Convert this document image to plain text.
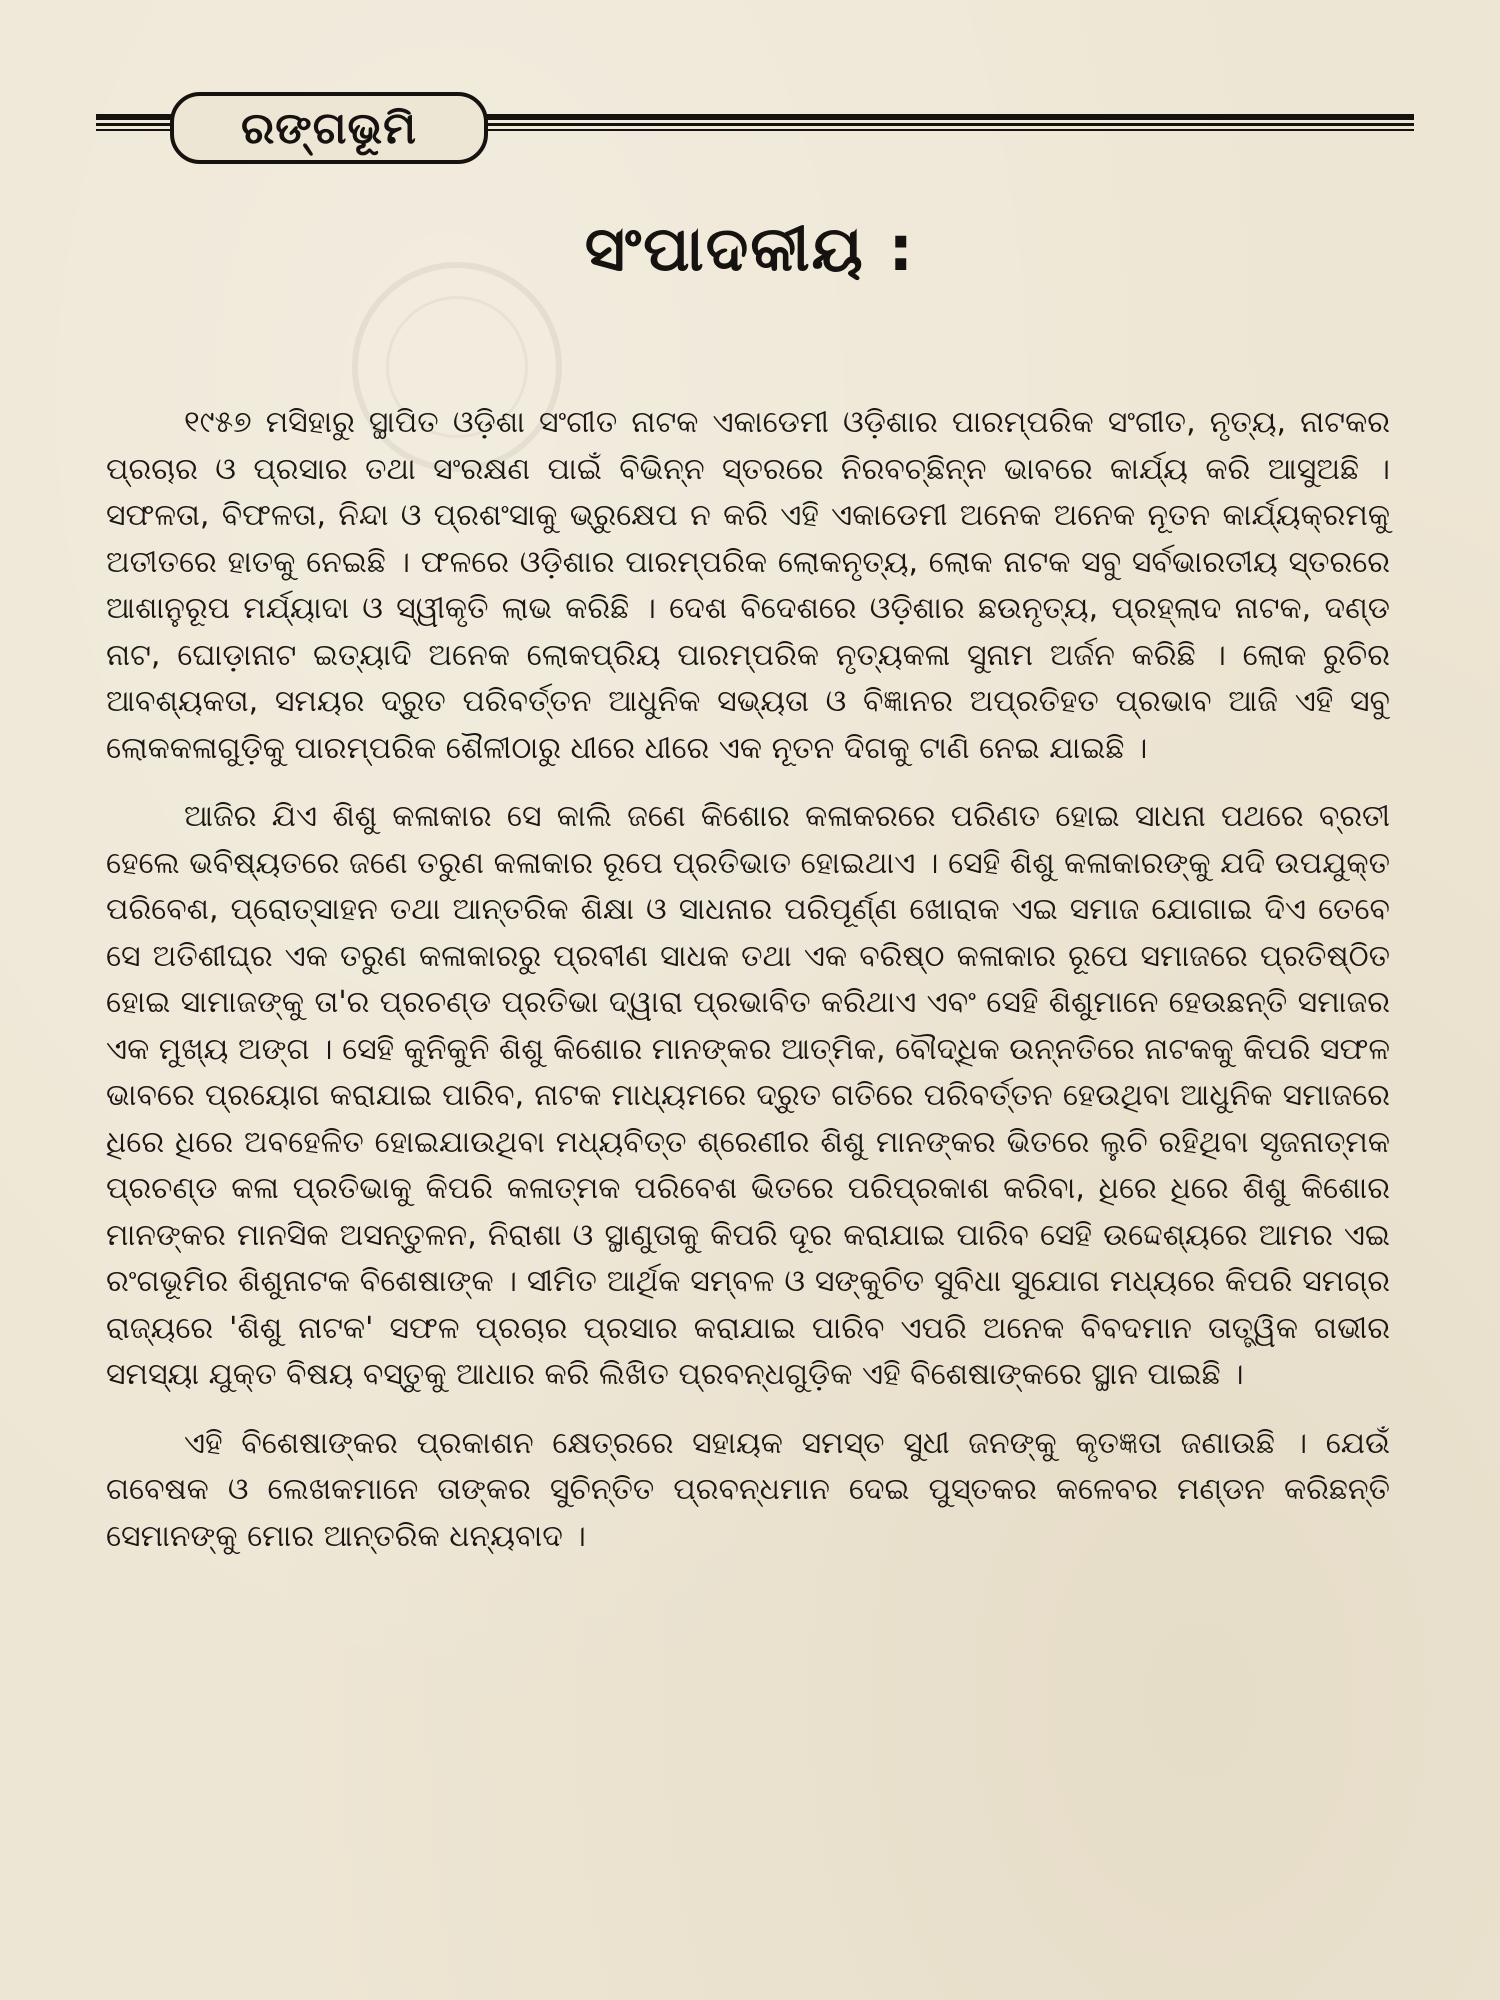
ରଙ୍ଗଭୂମି
ସଂପାଦକୀୟ :

୧୯୫୭ ମସିହାରୁ ସ୍ଥାପିତ ଓଡ଼ିଶା ସଂଗୀତ ନାଟକ ଏକାଡେମୀ ଓଡ଼ିଶାର ପାରମ୍ପରିକ ସଂଗୀତ, ନୃତ୍ୟ, ନାଟକର ପ୍ରଚାର ଓ ପ୍ରସାର ତଥା ସଂରକ୍ଷଣ ପାଇଁ ବିଭିନ୍ନ ସ୍ତରରେ ନିରବଚ୍ଛିନ୍ନ ଭାବରେ କାର୍ଯ୍ୟ କରି ଆସୁଅଛି । ସଫଳତା, ବିଫଳତା, ନିନ୍ଦା ଓ ପ୍ରଶଂସାକୁ ଭ୍ରୁକ୍ଷେପ ନ କରି ଏହି ଏକାଡେମୀ ଅନେକ ଅନେକ ନୂତନ କାର୍ଯ୍ୟକ୍ରମକୁ ଅତୀତରେ ହାତକୁ ନେଇଛି । ଫଳରେ ଓଡ଼ିଶାର ପାରମ୍ପରିକ ଲୋକନୃତ୍ୟ, ଲୋକ ନାଟକ ସବୁ ସର୍ବଭାରତୀୟ ସ୍ତରରେ ଆଶାନୁରୂପ ମର୍ଯ୍ୟାଦା ଓ ସ୍ୱୀକୃତି ଲାଭ କରିଛି । ଦେଶ ବିଦେଶରେ ଓଡ଼ିଶାର ଛଉନୃତ୍ୟ, ପ୍ରହ୍ଲାଦ ନାଟକ, ଦଣ୍ଡ ନାଟ, ଘୋଡ଼ାନାଟ ଇତ୍ୟାଦି ଅନେକ ଲୋକପ୍ରିୟ ପାରମ୍ପରିକ ନୃତ୍ୟକଳା ସୁନାମ ଅର୍ଜନ କରିଛି । ଲୋକ ରୁଚିର ଆବଶ୍ୟକତା, ସମୟର ଦ୍ରୁତ ପରିବର୍ତ୍ତନ ଆଧୁନିକ ସଭ୍ୟତା ଓ ବିଜ୍ଞାନର ଅପ୍ରତିହତ ପ୍ରଭାବ ଆଜି ଏହି ସବୁ ଲୋକକଳାଗୁଡ଼ିକୁ ପାରମ୍ପରିକ ଶୈଳୀଠାରୁ ଧୀରେ ଧୀରେ ଏକ ନୂତନ ଦିଗକୁ ଟାଣି ନେଇ ଯାଇଛି ।

ଆଜିର ଯିଏ ଶିଶୁ କଳାକାର ସେ କାଲି ଜଣେ କିଶୋର କଳାକରରେ ପରିଣତ ହୋଇ ସାଧନା ପଥରେ ବ୍ରତୀ ହେଲେ ଭବିଷ୍ୟତରେ ଜଣେ ତରୁଣ କଳାକାର ରୂପେ ପ୍ରତିଭାତ ହୋଇଥାଏ । ସେହି ଶିଶୁ କଳାକାରଙ୍କୁ ଯଦି ଉପଯୁକ୍ତ ପରିବେଶ, ପ୍ରୋତ୍ସାହନ ତଥା ଆନ୍ତରିକ ଶିକ୍ଷା ଓ ସାଧନାର ପରିପୂର୍ଣ୍ଣ ଖୋରାକ ଏଇ ସମାଜ ଯୋଗାଇ ଦିଏ ତେବେ ସେ ଅତିଶୀଘ୍ର ଏକ ତରୁଣ କଳାକାରରୁ ପ୍ରବୀଣ ସାଧକ ତଥା ଏକ ବରିଷ୍ଠ କଳାକାର ରୂପେ ସମାଜରେ ପ୍ରତିଷ୍ଠିତ ହୋଇ ସାମାଜଙ୍କୁ ତା'ର ପ୍ରଚଣ୍ଡ ପ୍ରତିଭା ଦ୍ୱାରା ପ୍ରଭାବିତ କରିଥାଏ ଏବଂ ସେହି ଶିଶୁମାନେ ହେଉଛନ୍ତି ସମାଜର ଏକ ମୁଖ୍ୟ ଅଙ୍ଗ । ସେହି କୁନିକୁନି ଶିଶୁ କିଶୋର ମାନଙ୍କର ଆତ୍ମିକ, ବୌଦ୍ଧିକ ଉନ୍ନତିରେ ନାଟକକୁ କିପରି ସଫଳ ଭାବରେ ପ୍ରୟୋଗ କରାଯାଇ ପାରିବ, ନାଟକ ମାଧ୍ୟମରେ ଦ୍ରୁତ ଗତିରେ ପରିବର୍ତ୍ତନ ହେଉଥିବା ଆଧୁନିକ ସମାଜରେ ଧିରେ ଧିରେ ଅବହେଳିତ ହୋଇଯାଉଥିବା ମଧ୍ୟବିତ୍ତ ଶ୍ରେଣୀର ଶିଶୁ ମାନଙ୍କର ଭିତରେ ଲୁଚି ରହିଥିବା ସୃଜନାତ୍ମକ ପ୍ରଚଣ୍ଡ କଳା ପ୍ରତିଭାକୁ କିପରି କଳାତ୍ମକ ପରିବେଶ ଭିତରେ ପରିପ୍ରକାଶ କରିବା, ଧିରେ ଧିରେ ଶିଶୁ କିଶୋର ମାନଙ୍କର ମାନସିକ ଅସନ୍ତୁଳନ, ନିରାଶା ଓ ସ୍ଥାଣୁତାକୁ କିପରି ଦୂର କରାଯାଇ ପାରିବ ସେହି ଉଦ୍ଦେଶ୍ୟରେ ଆମର ଏଇ ରଂଗଭୂମିର ଶିଶୁନାଟକ ବିଶେଷାଙ୍କ । ସୀମିତ ଆର୍ଥିକ ସମ୍ବଳ ଓ ସଙ୍କୁଚିତ ସୁବିଧା ସୁଯୋଗ ମଧ୍ୟରେ କିପରି ସମଗ୍ର ରାଜ୍ୟରେ 'ଶିଶୁ ନାଟକ' ସଫଳ ପ୍ରଚାର ପ୍ରସାର କରାଯାଇ ପାରିବ ଏପରି ଅନେକ ବିବଦମାନ ତାତ୍ତ୍ୱିକ ଗଭୀର ସମସ୍ୟା ଯୁକ୍ତ ବିଷୟ ବସ୍ତୁକୁ ଆଧାର କରି ଲିଖିତ ପ୍ରବନ୍ଧଗୁଡ଼ିକ ଏହି ବିଶେଷାଙ୍କରେ ସ୍ଥାନ ପାଇଛି ।

ଏହି ବିଶେଷାଙ୍କର ପ୍ରକାଶନ କ୍ଷେତ୍ରରେ ସହାୟକ ସମସ୍ତ ସୁଧୀ ଜନଙ୍କୁ କୃତଜ୍ଞତା ଜଣାଉଛି । ଯେଉଁ ଗବେଷକ ଓ ଲେଖକମାନେ ତାଙ୍କର ସୁଚିନ୍ତିତ ପ୍ରବନ୍ଧମାନ ଦେଇ ପୁସ୍ତକର କଳେବର ମଣ୍ଡନ କରିଛନ୍ତି ସେମାନଙ୍କୁ ମୋର ଆନ୍ତରିକ ଧନ୍ୟବାଦ ।
